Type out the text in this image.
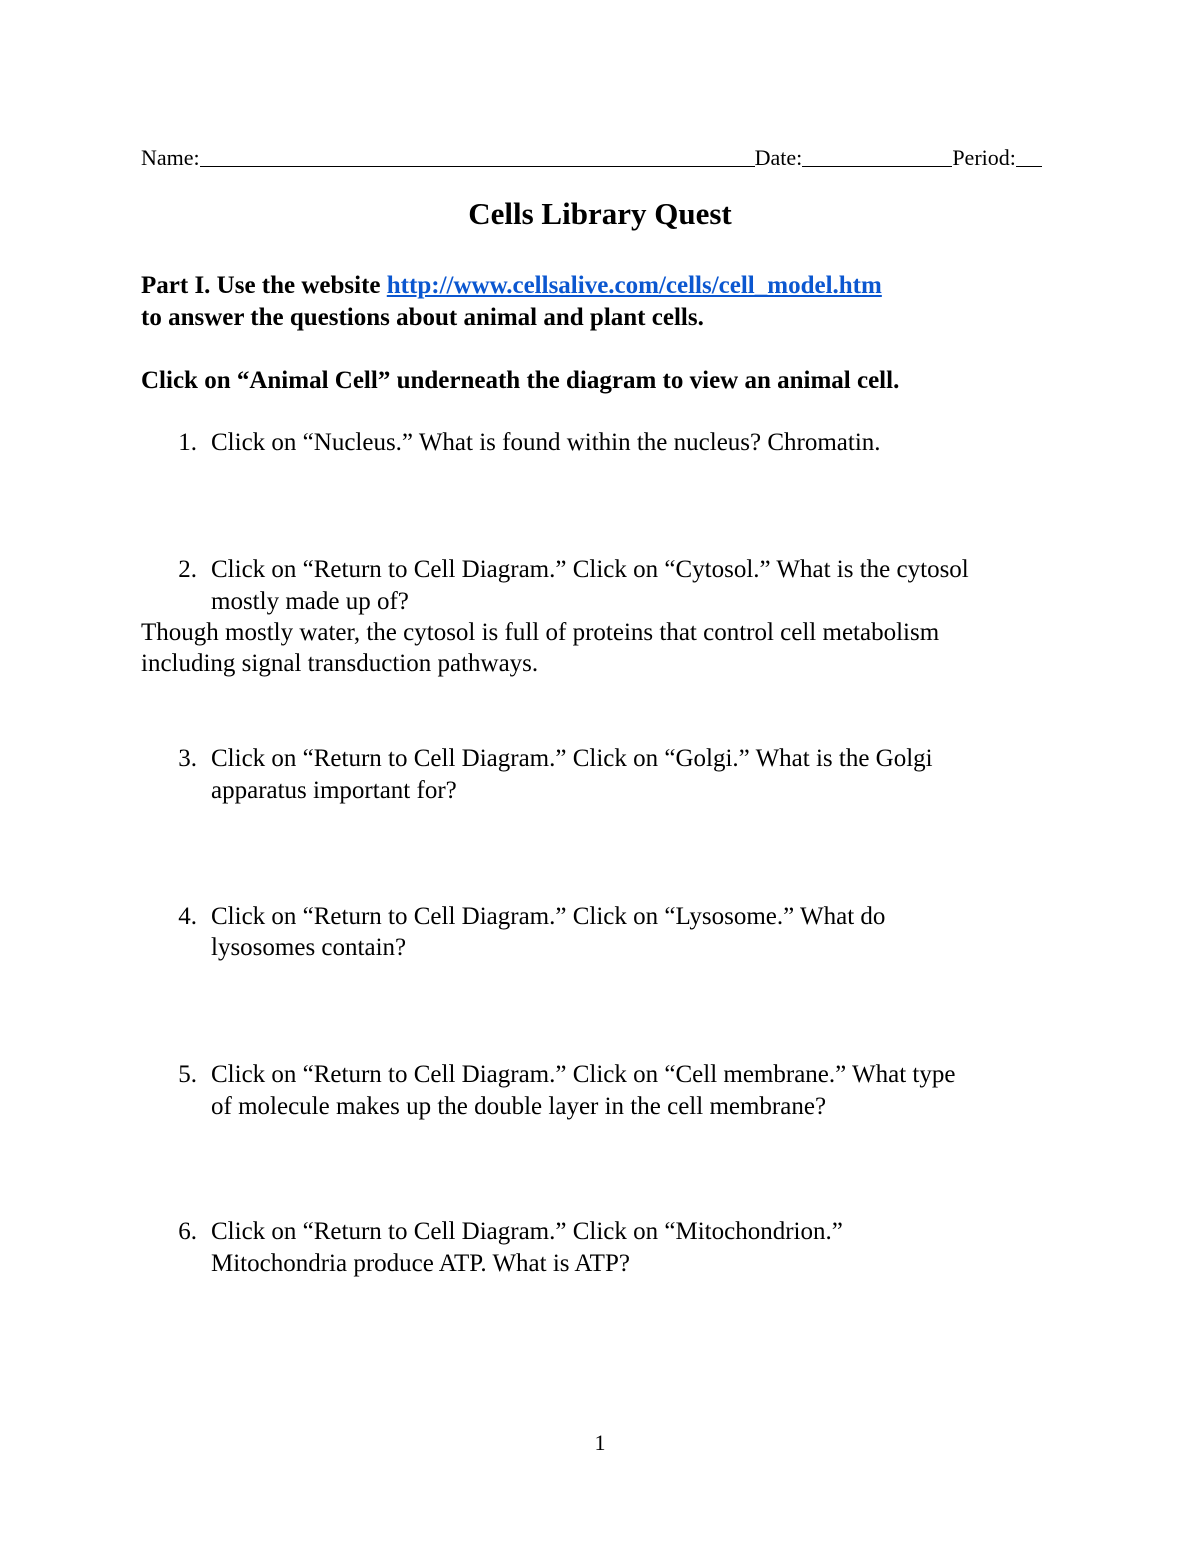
Name:	Date:	Period:
Cells Library Quest
Part I. Use the website http://www.cellsalive.com/cells/cell_model.htm
to answer the questions about animal and plant cells.
Click on “Animal Cell” underneath the diagram to view an animal cell.
1. Click on “Nucleus.” What is found within the nucleus? Chromatin.
2. Click on “Return to Cell Diagram.” Click on “Cytosol.” What is the cytosol
mostly made up of?
Though mostly water, the cytosol is full of proteins that control cell metabolism
including signal transduction pathways.
3. Click on “Return to Cell Diagram.” Click on “Golgi.” What is the Golgi
apparatus important for?
4. Click on “Return to Cell Diagram.” Click on “Lysosome.” What do
lysosomes contain?
5. Click on “Return to Cell Diagram.” Click on “Cell membrane.” What type
of molecule makes up the double layer in the cell membrane?
6. Click on “Return to Cell Diagram.” Click on “Mitochondrion.”
Mitochondria produce ATP. What is ATP?
1
